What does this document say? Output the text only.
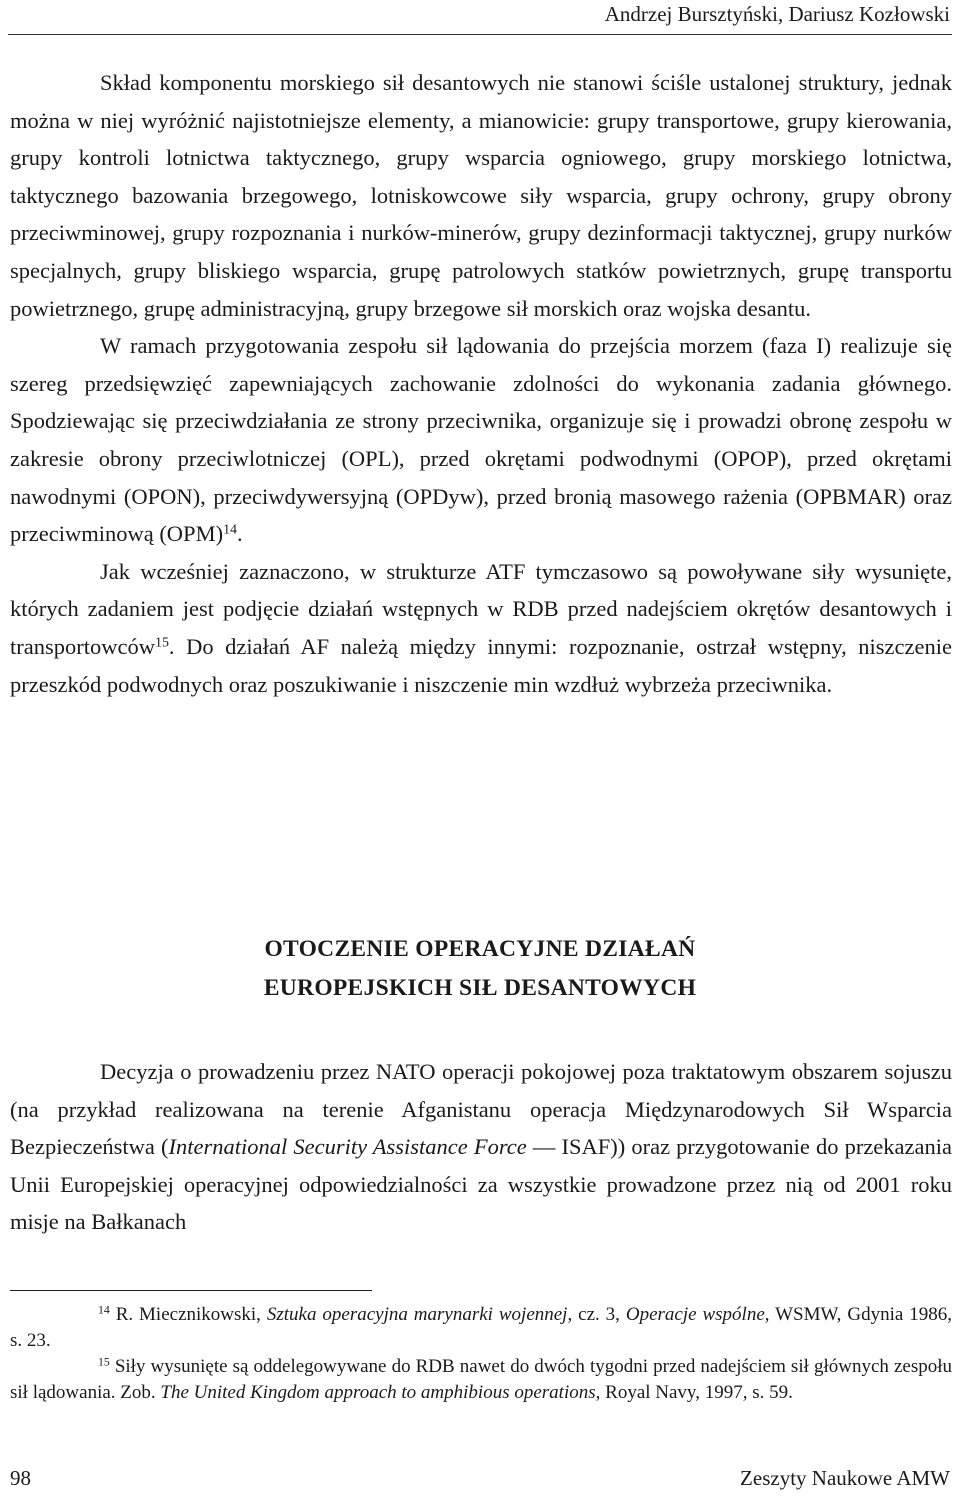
Andrzej Bursztyński, Dariusz Kozłowski

Skład komponentu morskiego sił desantowych nie stanowi ściśle ustalonej struktury, jednak można w niej wyróżnić najistotniejsze elementy, a mianowicie: grupy transportowe, grupy kierowania, grupy kontroli lotnictwa taktycznego, grupy wsparcia ogniowego, grupy morskiego lotnictwa, taktycznego bazowania brzegowego, lotniskowcowe siły wsparcia, grupy ochrony, grupy obrony przeciwminowej, grupy rozpoznania i nurków-minerów, grupy dezinformacji taktycznej, grupy nurków specjalnych, grupy bliskiego wsparcia, grupę patrolowych statków powietrznych, grupę transportu powietrznego, grupę administracyjną, grupy brzegowe sił morskich oraz wojska desantu.

W ramach przygotowania zespołu sił lądowania do przejścia morzem (faza I) realizuje się szereg przedsięwzięć zapewniających zachowanie zdolności do wykonania zadania głównego. Spodziewając się przeciwdziałania ze strony przeciwnika, organizuje się i prowadzi obronę zespołu w zakresie obrony przeciwlotniczej (OPL), przed okrętami podwodnymi (OPOP), przed okrętami nawodnymi (OPON), przeciwdywersyjną (OPDyw), przed bronią masowego rażenia (OPBMAR) oraz przeciwminową (OPM)$^{14}$.

Jak wcześniej zaznaczono, w strukturze ATF tymczasowo są powoływane siły wysunięte, których zadaniem jest podjęcie działań wstępnych w RDB przed nadejściem okrętów desantowych i transportowców$^{15}$. Do działań AF należą między innymi: rozpoznanie, ostrzał wstępny, niszczenie przeszkód podwodnych oraz poszukiwanie i niszczenie min wzdłuż wybrzeża przeciwnika.

OTOCZENIE OPERACYJNE DZIAŁAŃ
EUROPEJSKICH SIŁ DESANTOWYCH

Decyzja o prowadzeniu przez NATO operacji pokojowej poza traktatowym obszarem sojuszu (na przykład realizowana na terenie Afganistanu operacja Międzynarodowych Sił Wsparcia Bezpieczeństwa (International Security Assistance Force — ISAF)) oraz przygotowanie do przekazania Unii Europejskiej operacyjnej odpowiedzialności za wszystkie prowadzone przez nią od 2001 roku misje na Bałkanach

$^{14}$ R. Miecznikowski, Sztuka operacyjna marynarki wojennej, cz. 3, Operacje wspólne, WSMW, Gdynia 1986, s. 23.

$^{15}$ Siły wysunięte są oddelegowywane do RDB nawet do dwóch tygodni przed nadejściem sił głównych zespołu sił lądowania. Zob. The United Kingdom approach to amphibious operations, Royal Navy, 1997, s. 59.

98	Zeszyty Naukowe AMW
